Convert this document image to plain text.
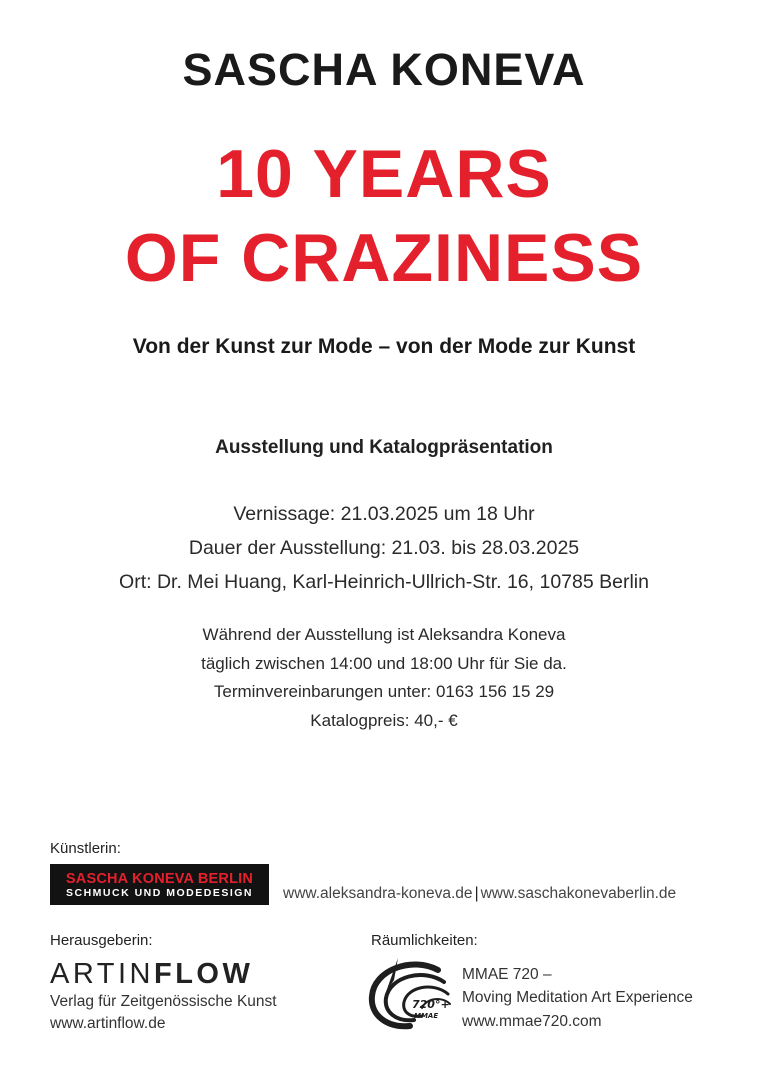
SASCHA KONEVA
10 YEARS
OF CRAZINESS
Von der Kunst zur Mode – von der Mode zur Kunst
Ausstellung und Katalogpräsentation
Vernissage: 21.03.2025 um 18 Uhr
Dauer der Ausstellung: 21.03. bis 28.03.2025
Ort: Dr. Mei Huang, Karl-Heinrich-Ullrich-Str. 16, 10785 Berlin
Während der Ausstellung ist Aleksandra Koneva
täglich zwischen 14:00 und 18:00 Uhr für Sie da.
Terminvereinbarungen unter: 0163 156 15 29
Katalogpreis: 40,- €
Künstlerin:
SASCHA KONEVA BERLIN
SCHMUCK UND MODEDESIGN www.aleksandra-koneva.de | www.saschakonevaberlin.de
Herausgeberin:
ARTINFLOW
Verlag für Zeitgenössische Kunst
www.artinflow.de
Räumlichkeiten:
720°+
MMAE
MMAE 720 –
Moving Meditation Art Experience
www.mmae720.com
